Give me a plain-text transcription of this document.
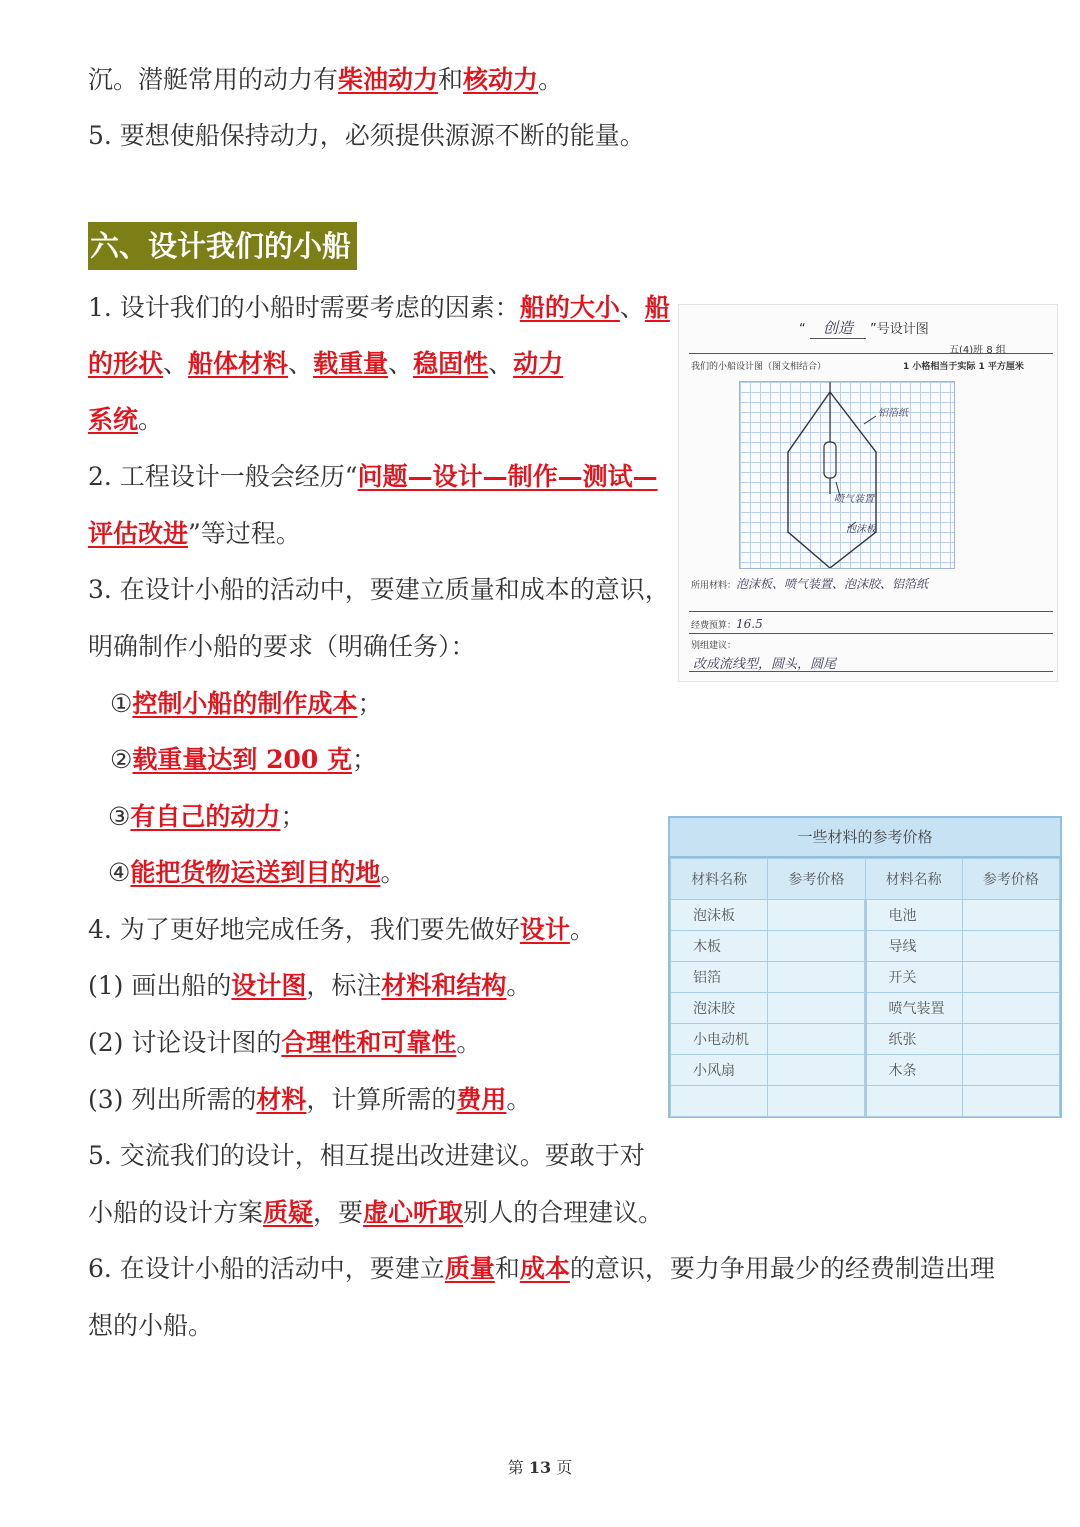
沉。潜艇常用的动力有柴油动力和核动力。
5. 要想使船保持动力，必须提供源源不断的能量。
六、设计我们的小船
1. 设计我们的小船时需要考虑的因素：船的大小、船
的形状、船体材料、载重量、稳固性、动力
系统。
2. 工程设计一般会经历“问题—设计—制作—测试—
评估改进”等过程。
3. 在设计小船的活动中，要建立质量和成本的意识，
明确制作小船的要求（明确任务）：
①控制小船的制作成本；
②载重量达到 200 克；
③有自己的动力；
④能把货物运送到目的地。
4. 为了更好地完成任务，我们要先做好设计。
(1) 画出船的设计图，标注材料和结构。
(2) 讨论设计图的合理性和可靠性。
(3) 列出所需的材料，计算所需的费用。
5. 交流我们的设计，相互提出改进建议。要敢于对
小船的设计方案质疑，要虚心听取别人的合理建议。
6. 在设计小船的活动中，要建立质量和成本的意识，要力争用最少的经费制造出理
想的小船。
“ 创造 ”号设计图
五(4)班 8 组
我们的小船设计图（图文相结合）	1 小格相当于实际 1 平方厘米
铝箔纸
喷气装置
泡沫板
所用材料：泡沫板、喷气装置、泡沫胶、铝箔纸
经费预算：16.5
别组建议：
改成流线型，圆头，圆尾
一些材料的参考价格
材料名称	参考价格	材料名称	参考价格
泡沫板		电池	
木板		导线	
铝箔		开关	
泡沫胶		喷气装置	
小电动机		纸张	
小风扇		木条	

第 13 页
